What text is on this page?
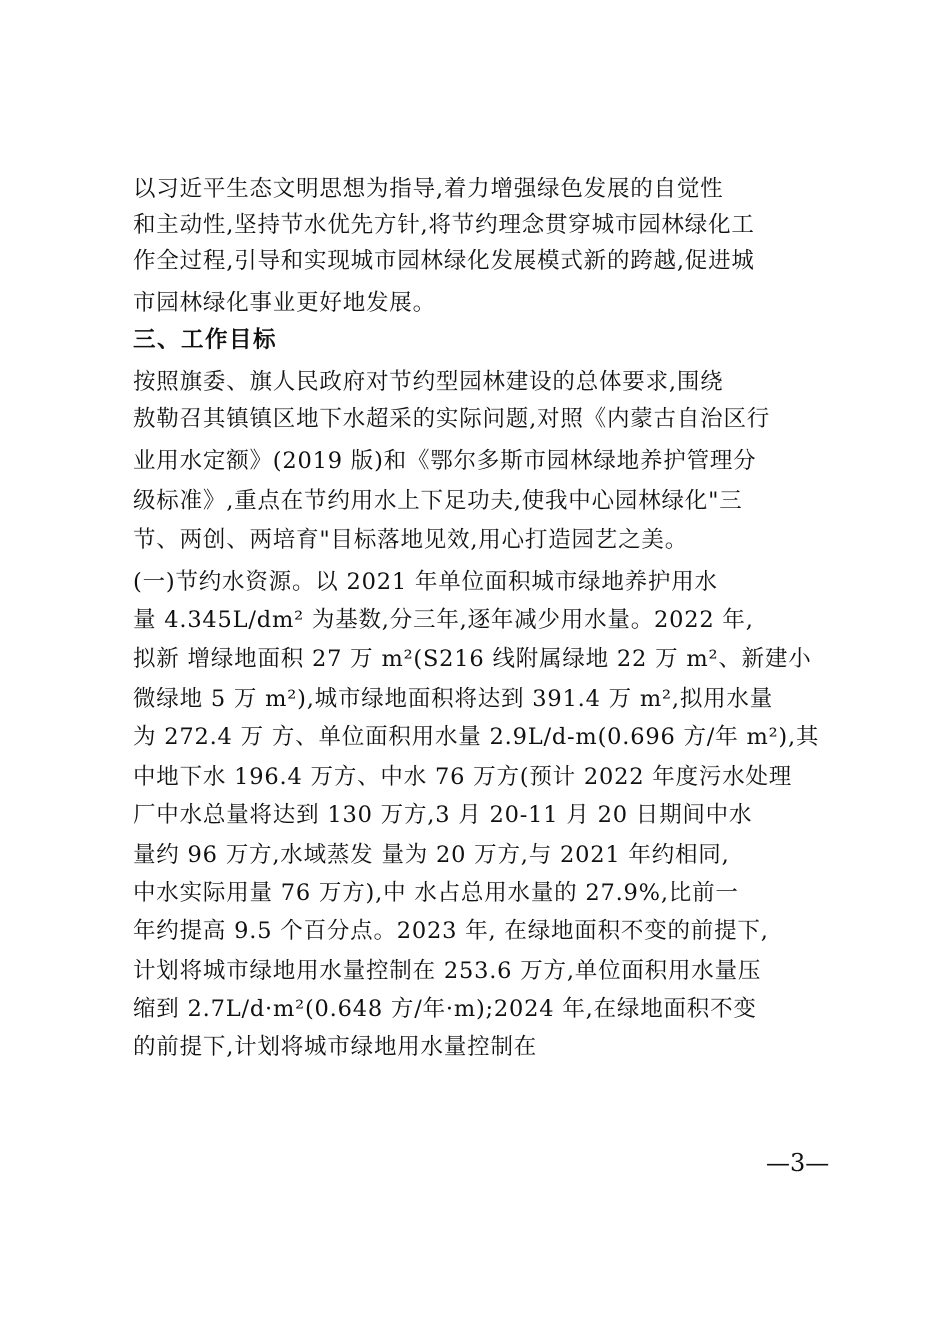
以习近平生态文明思想为指导,着力增强绿色发展的自觉性
和主动性,坚持节水优先方针,将节约理念贯穿城市园林绿化工
作全过程,引导和实现城市园林绿化发展模式新的跨越,促进城
市园林绿化事业更好地发展。
三、工作目标
按照旗委、旗人民政府对节约型园林建设的总体要求,围绕
敖勒召其镇镇区地下水超采的实际问题,对照《内蒙古自治区行
业用水定额》(2019 版)和《鄂尔多斯市园林绿地养护管理分
级标准》,重点在节约用水上下足功夫,使我中心园林绿化"三
节、两创、两培育"目标落地见效,用心打造园艺之美。
(一)节约水资源。以 2021 年单位面积城市绿地养护用水
量 4.345L/dm² 为基数,分三年,逐年减少用水量。2022 年,
拟新 增绿地面积 27 万 m²(S216 线附属绿地 22 万 m²、新建小
微绿地 5 万 m²),城市绿地面积将达到 391.4 万 m²,拟用水量
为 272.4 万 方、单位面积用水量 2.9L/d-m(0.696 方/年 m²),其
中地下水 196.4 万方、中水 76 万方(预计 2022 年度污水处理
厂中水总量将达到 130 万方,3 月 20-11 月 20 日期间中水
量约 96 万方,水域蒸发 量为 20 万方,与 2021 年约相同,
中水实际用量 76 万方),中 水占总用水量的 27.9%,比前一
年约提高 9.5 个百分点。2023 年, 在绿地面积不变的前提下,
计划将城市绿地用水量控制在 253.6 万方,单位面积用水量压
缩到 2.7L/d·m²(0.648 方/年·m);2024 年,在绿地面积不变
的前提下,计划将城市绿地用水量控制在
—3—
